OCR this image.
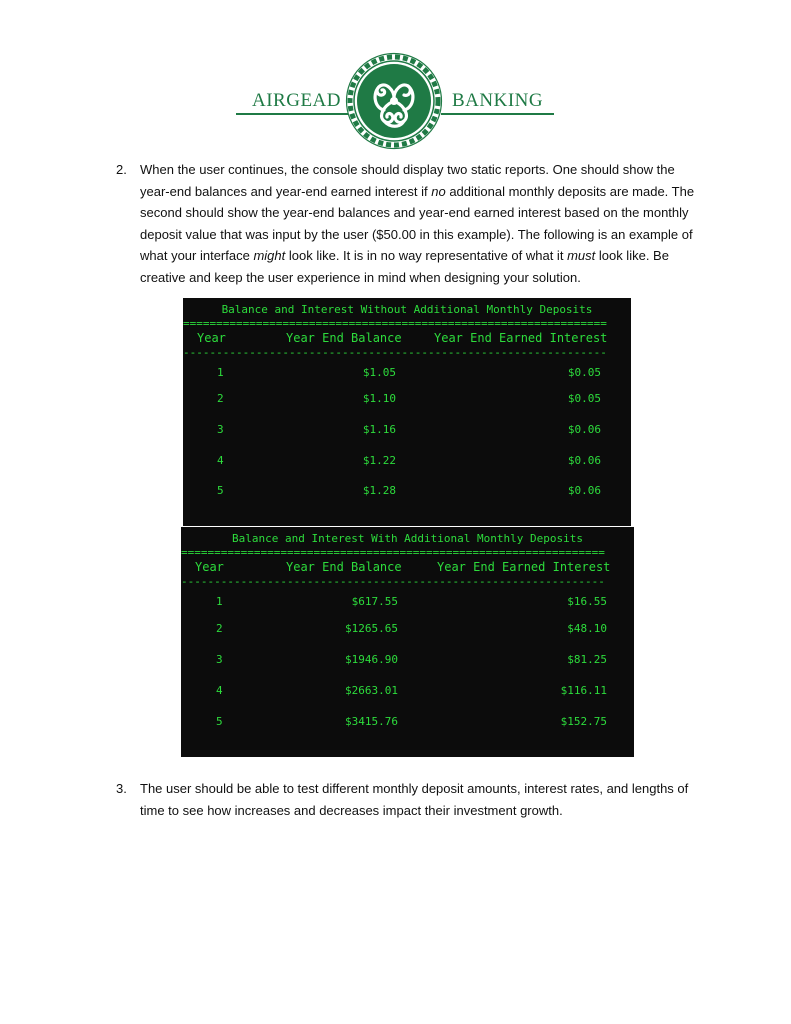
AIRGEAD	BANKING
2. When the user continues, the console should display two static reports. One should show the year-end balances and year-end earned interest if no additional monthly deposits are made. The second should show the year-end balances and year-end earned interest based on the monthly deposit value that was input by the user ($50.00 in this example). The following is an example of what your interface might look like. It is in no way representative of what it must look like. Be creative and keep the user experience in mind when designing your solution.
Balance and Interest Without Additional Monthly Deposits
================================================================
Year	Year End Balance	Year End Earned Interest
----------------------------------------------------------------
1	$1.05	$0.05
2	$1.10	$0.05
3	$1.16	$0.06
4	$1.22	$0.06
5	$1.28	$0.06
Balance and Interest With Additional Monthly Deposits
================================================================
Year	Year End Balance	Year End Earned Interest
----------------------------------------------------------------
1	$617.55	$16.55
2	$1265.65	$48.10
3	$1946.90	$81.25
4	$2663.01	$116.11
5	$3415.76	$152.75
3. The user should be able to test different monthly deposit amounts, interest rates, and lengths of time to see how increases and decreases impact their investment growth.
